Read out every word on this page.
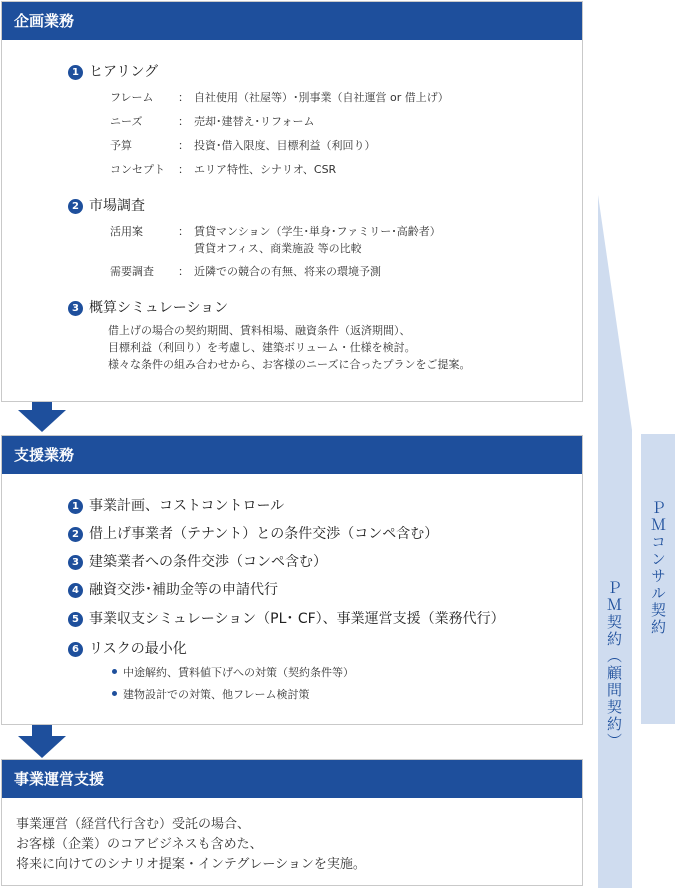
ＰＭ契約（顧問契約）
ＰＭコンサル契約
企画業務
1 ヒアリング
フレーム ： 自社使用（社屋等）･別事業（自社運営 or 借上げ）
ニーズ	： 売却･建替え･リフォーム
予算	： 投資･借入限度、目標利益（利回り）
コンセプト ： エリア特性、シナリオ、CSR
2 市場調査
活用案	： 賃貸マンション（学生･単身･ファミリー･高齢者）
賃貸オフィス、商業施設 等の比較
需要調査 ： 近隣での競合の有無、将来の環境予測
3 概算シミュレーション
借上げの場合の契約期間、賃料相場、融資条件（返済期間）、
目標利益（利回り）を考慮し、建築ボリューム・仕様を検討。
様々な条件の組み合わせから、お客様のニーズに合ったプランをご提案。
支援業務
1 事業計画、コストコントロール
2 借上げ事業者（テナント）との条件交渉（コンペ含む）
3 建築業者への条件交渉（コンペ含む）
4 融資交渉･補助金等の申請代行
5 事業収支シミュレーション（PL･ CF）、事業運営支援（業務代行）
6 リスクの最小化
中途解約、賃料値下げへの対策（契約条件等）
建物設計での対策、他フレーム検討策
事業運営支援
事業運営（経営代行含む）受託の場合、
お客様（企業）のコアビジネスも含めた、
将来に向けてのシナリオ提案・インテグレーションを実施。
